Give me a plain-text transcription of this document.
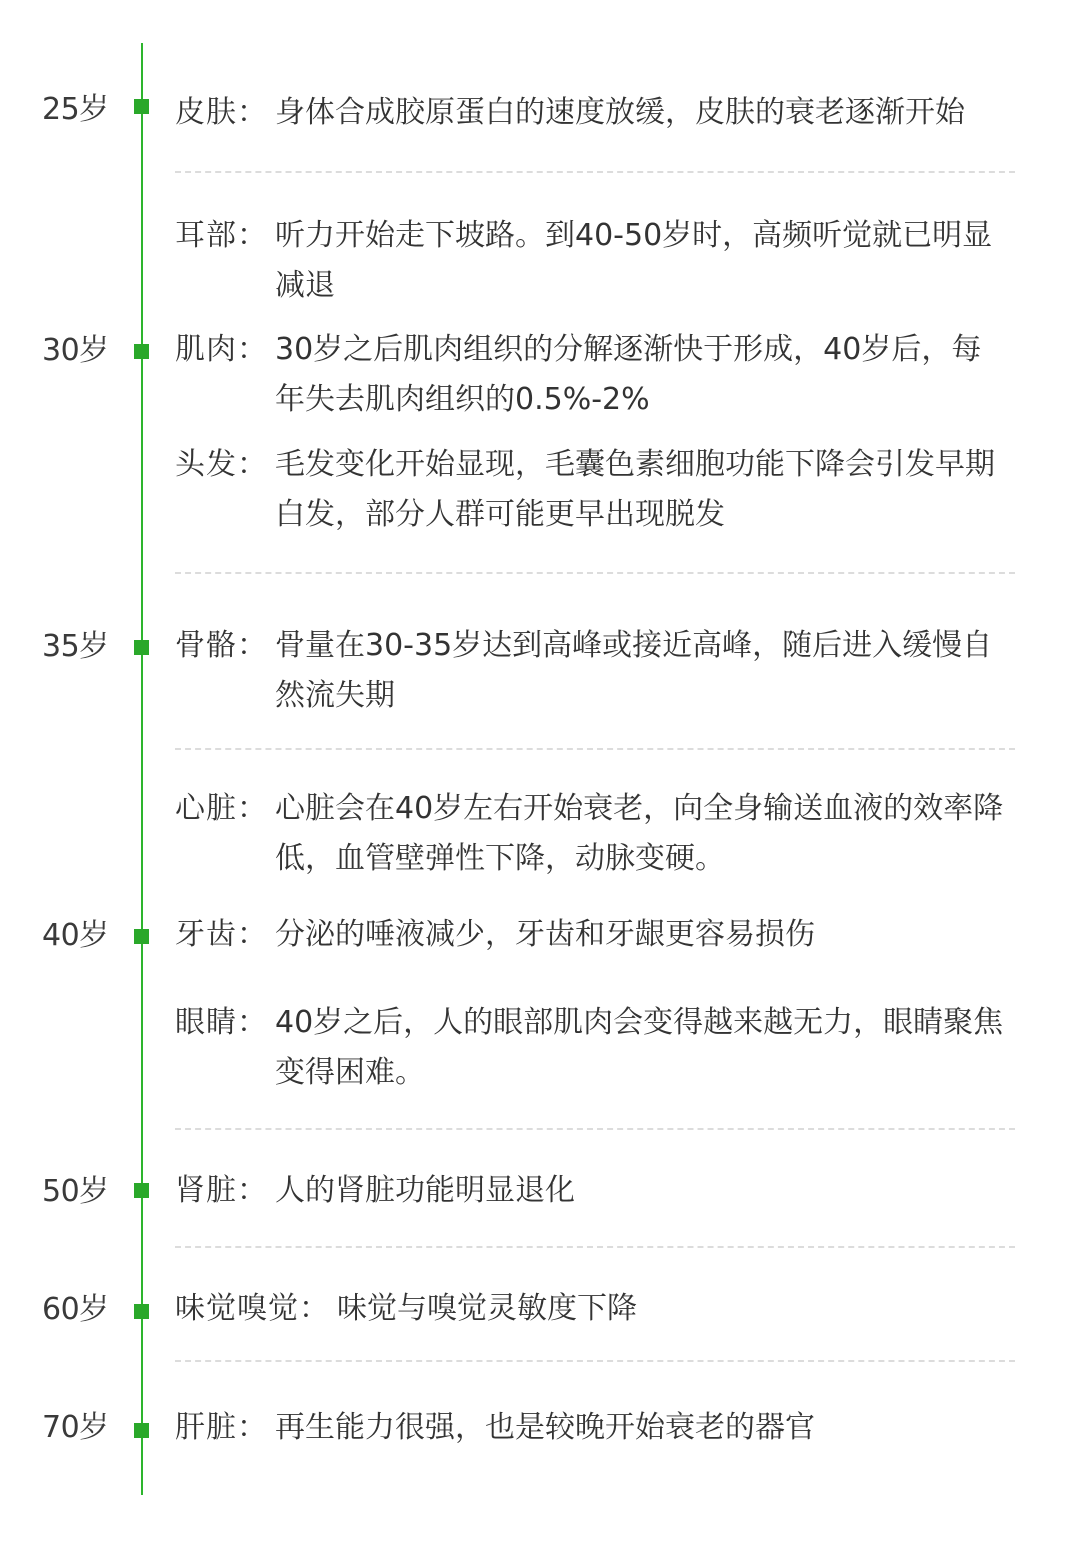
25岁
30岁
35岁
40岁
50岁
60岁
70岁
皮肤： 身体合成胶原蛋白的速度放缓，皮肤的衰老逐渐开始
耳部： 听力开始走下坡路。到40-50岁时，高频听觉就已明显减退
肌肉： 30岁之后肌肉组织的分解逐渐快于形成，40岁后，每年失去肌肉组织的0.5%-2%
头发： 毛发变化开始显现，毛囊色素细胞功能下降会引发早期白发，部分人群可能更早出现脱发
骨骼： 骨量在30-35岁达到高峰或接近高峰，随后进入缓慢自然流失期
心脏： 心脏会在40岁左右开始衰老，向全身输送血液的效率降低，血管壁弹性下降，动脉变硬。
牙齿： 分泌的唾液减少，牙齿和牙龈更容易损伤
眼睛： 40岁之后，人的眼部肌肉会变得越来越无力，眼睛聚焦变得困难。
肾脏： 人的肾脏功能明显退化
味觉嗅觉： 味觉与嗅觉灵敏度下降
肝脏： 再生能力很强，也是较晚开始衰老的器官
